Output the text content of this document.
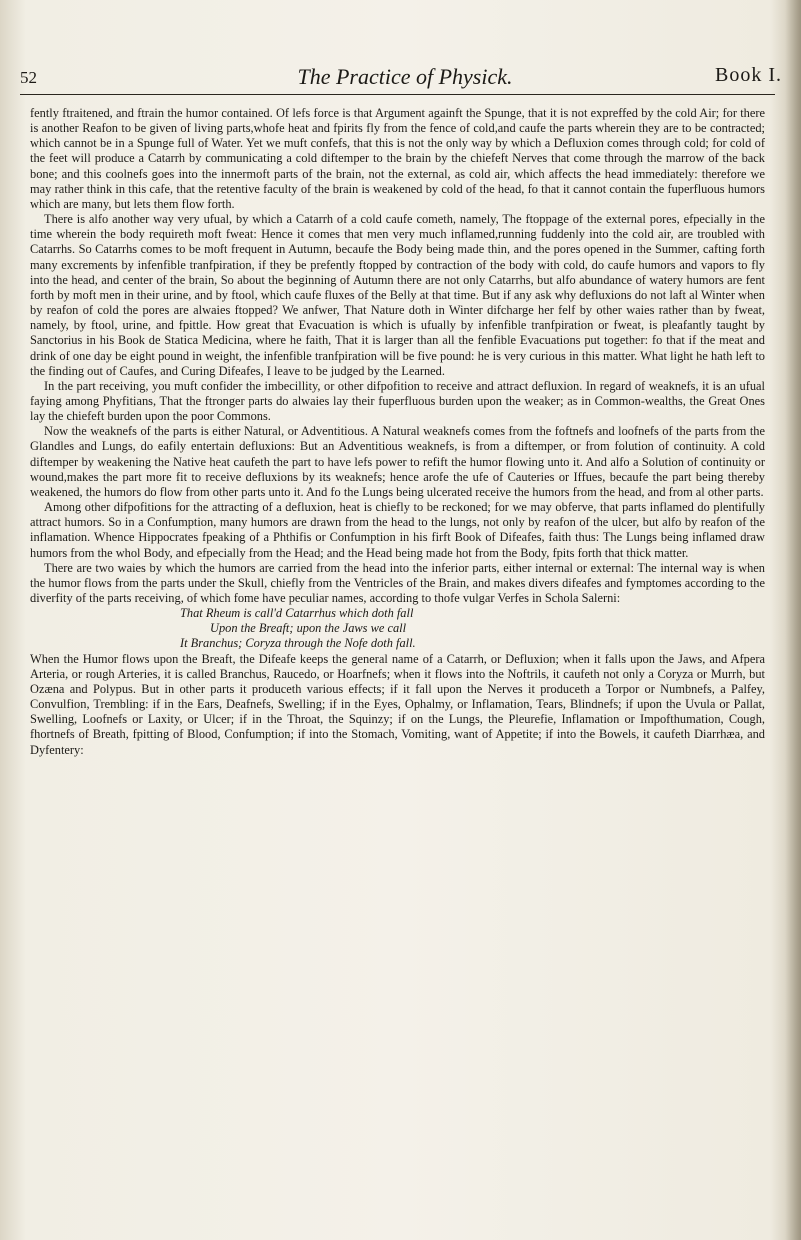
52	The Practice of Physick.	Book I.

fently ftraitened, and ftrain the humor contained. Of lefs force is that Argument againft the Spunge, that it is not expreffed by the cold Air; for there is another Reafon to be given of living parts,whofe heat and fpirits fly from the fence of cold,and caufe the parts wherein they are to be contracted; which cannot be in a Spunge full of Water. Yet we muft confefs, that this is not the only way by which a Defluxion comes through cold; for cold of the feet will produce a Catarrh by communicating a cold diftemper to the brain by the chiefeft Nerves that come through the marrow of the back bone; and this coolnefs goes into the innermoft parts of the brain, not the external, as cold air, which affects the head immediately: therefore we may rather think in this cafe, that the retentive faculty of the brain is weakened by cold of the head, fo that it cannot contain the fuperfluous humors which are many, but lets them flow forth.

There is alfo another way very ufual, by which a Catarrh of a cold caufe cometh, namely, The ftoppage of the external pores, efpecially in the time wherein the body requireth moft fweat: Hence it comes that men very much inflamed,running fuddenly into the cold air, are troubled with Catarrhs. So Catarrhs comes to be moft frequent in Autumn, becaufe the Body being made thin, and the pores opened in the Summer, cafting forth many excrements by infenfible tranfpiration, if they be prefently ftopped by contraction of the body with cold, do caufe humors and vapors to fly into the head, and center of the brain, So about the beginning of Autumn there are not only Catarrhs, but alfo abundance of watery humors are fent forth by moft men in their urine, and by ftool, which caufe fluxes of the Belly at that time. But if any ask why defluxions do not laft al Winter when by reafon of cold the pores are alwaies ftopped? We anfwer, That Nature doth in Winter difcharge her felf by other waies rather than by fweat, namely, by ftool, urine, and fpittle. How great that Evacuation is which is ufually by infenfible tranfpiration or fweat, is pleafantly taught by Sanctorius in his Book de Statica Medicina, where he faith, That it is larger than all the fenfible Evacuations put together: fo that if the meat and drink of one day be eight pound in weight, the infenfible tranfpiration will be five pound: he is very curious in this matter. What light he hath left to the finding out of Caufes, and Curing Difeafes, I leave to be judged by the Learned.

In the part receiving, you muft confider the imbecillity, or other difpofition to receive and attract defluxion. In regard of weaknefs, it is an ufual faying among Phyfitians, That the ftronger parts do alwaies lay their fuperfluous burden upon the weaker; as in Common-wealths, the Great Ones lay the chiefeft burden upon the poor Commons.

Now the weaknefs of the parts is either Natural, or Adventitious. A Natural weaknefs comes from the foftnefs and loofnefs of the parts from the Glandles and Lungs, do eafily entertain defluxions: But an Adventitious weaknefs, is from a diftemper, or from folution of continuity. A cold diftemper by weakening the Native heat caufeth the part to have lefs power to refift the humor flowing unto it. And alfo a Solution of continuity or wound,makes the part more fit to receive defluxions by its weaknefs; hence arofe the ufe of Cauteries or Iffues, becaufe the part being thereby weakened, the humors do flow from other parts unto it. And fo the Lungs being ulcerated receive the humors from the head, and from al other parts.

Among other difpofitions for the attracting of a defluxion, heat is chiefly to be reckoned; for we may obferve, that parts inflamed do plentifully attract humors. So in a Confumption, many humors are drawn from the head to the lungs, not only by reafon of the ulcer, but alfo by reafon of the inflamation. Whence Hippocrates fpeaking of a Phthifis or Confumption in his firft Book of Difeafes, faith thus: The Lungs being inflamed draw humors from the whol Body, and efpecially from the Head; and the Head being made hot from the Body, fpits forth that thick matter.

There are two waies by which the humors are carried from the head into the inferior parts, either internal or external: The internal way is when the humor flows from the parts under the Skull, chiefly from the Ventricles of the Brain, and makes divers difeafes and fymptomes according to the diverfity of the parts receiving, of which fome have peculiar names, according to thofe vulgar Verfes in Schola Salerni:

That Rheum is call'd Catarrhus which doth fall
Upon the Breaft; upon the Jaws we call
It Branchus; Coryza through the Nofe doth fall.

When the Humor flows upon the Breaft, the Difeafe keeps the general name of a Catarrh, or Defluxion; when it falls upon the Jaws, and Afpera Arteria, or rough Arteries, it is called Branchus, Raucedo, or Hoarfnefs; when it flows into the Noftrils, it caufeth not only a Coryza or Murrh, but Ozæna and Polypus. But in other parts it produceth various effects; if it fall upon the Nerves it produceth a Torpor or Numbnefs, a Palfey, Convulfion, Trembling: if in the Ears, Deafnefs, Swelling; if in the Eyes, Ophalmy, or Inflamation, Tears, Blindnefs; if upon the Uvula or Pallat, Swelling, Loofnefs or Laxity, or Ulcer; if in the Throat, the Squinzy; if on the Lungs, the Pleurefie, Inflamation or Impofthumation, Cough, fhortnefs of Breath, fpitting of Blood, Confumption; if into the Stomach, Vomiting, want of Appetite; if into the Bowels, it caufeth Diarrhæa, and Dyfentery:
